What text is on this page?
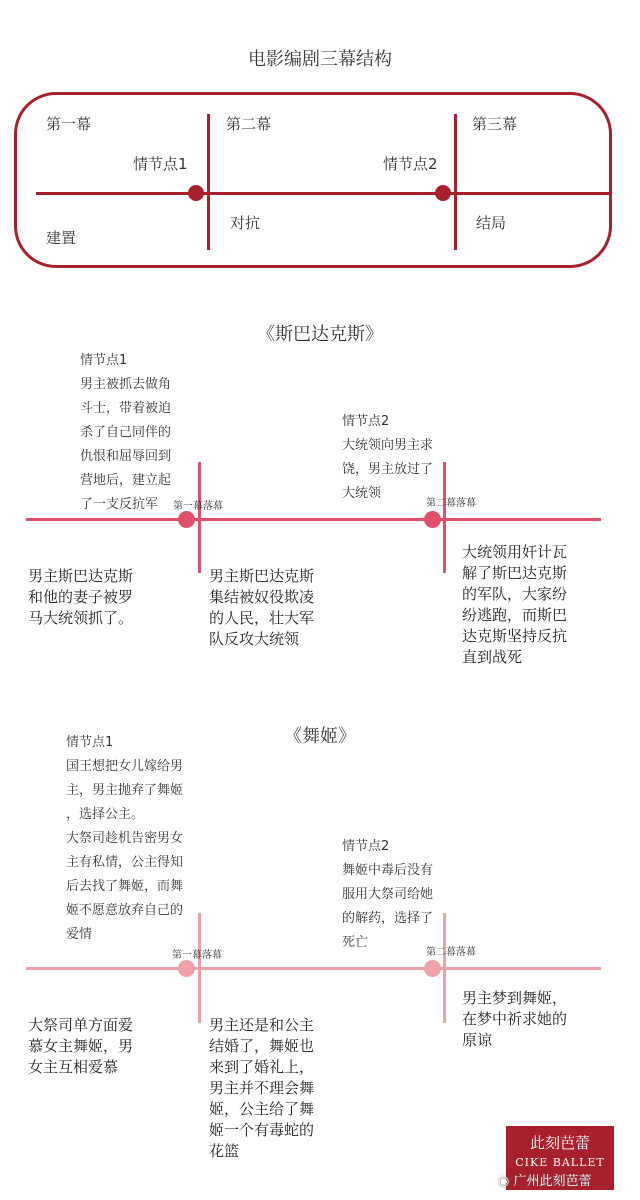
电影编剧三幕结构
第一幕	第二幕	第三幕
情节点1	情节点2
建置
对抗	结局
《斯巴达克斯》
情节点1
男主被抓去做角
斗士，带着被迫
杀了自己同伴的
仇恨和屈辱回到
营地后，建立起
了一支反抗军
情节点2
大统领向男主求
饶，男主放过了
大统领
第一幕落幕	第二幕落幕
男主斯巴达克斯
和他的妻子被罗
马大统领抓了。
男主斯巴达克斯
集结被奴役欺凌
的人民，壮大军
队反攻大统领
大统领用奸计瓦
解了斯巴达克斯
的军队，大家纷
纷逃跑，而斯巴
达克斯坚持反抗
直到战死
《舞姬》
情节点1
国王想把女儿嫁给男
主，男主抛弃了舞姬
，选择公主。
大祭司趁机告密男女
主有私情，公主得知
后去找了舞姬，而舞
姬不愿意放弃自己的
爱情
情节点2
舞姬中毒后没有
服用大祭司给她
的解药，选择了
死亡
第一幕落幕	第二幕落幕
大祭司单方面爱
慕女主舞姬，男
女主互相爱慕
男主还是和公主
结婚了，舞姬也
来到了婚礼上，
男主并不理会舞
姬，公主给了舞
姬一个有毒蛇的
花篮
男主梦到舞姬，
在梦中祈求她的
原谅
此刻芭蕾
CIKE BALLET
◉ 广州此刻芭蕾
